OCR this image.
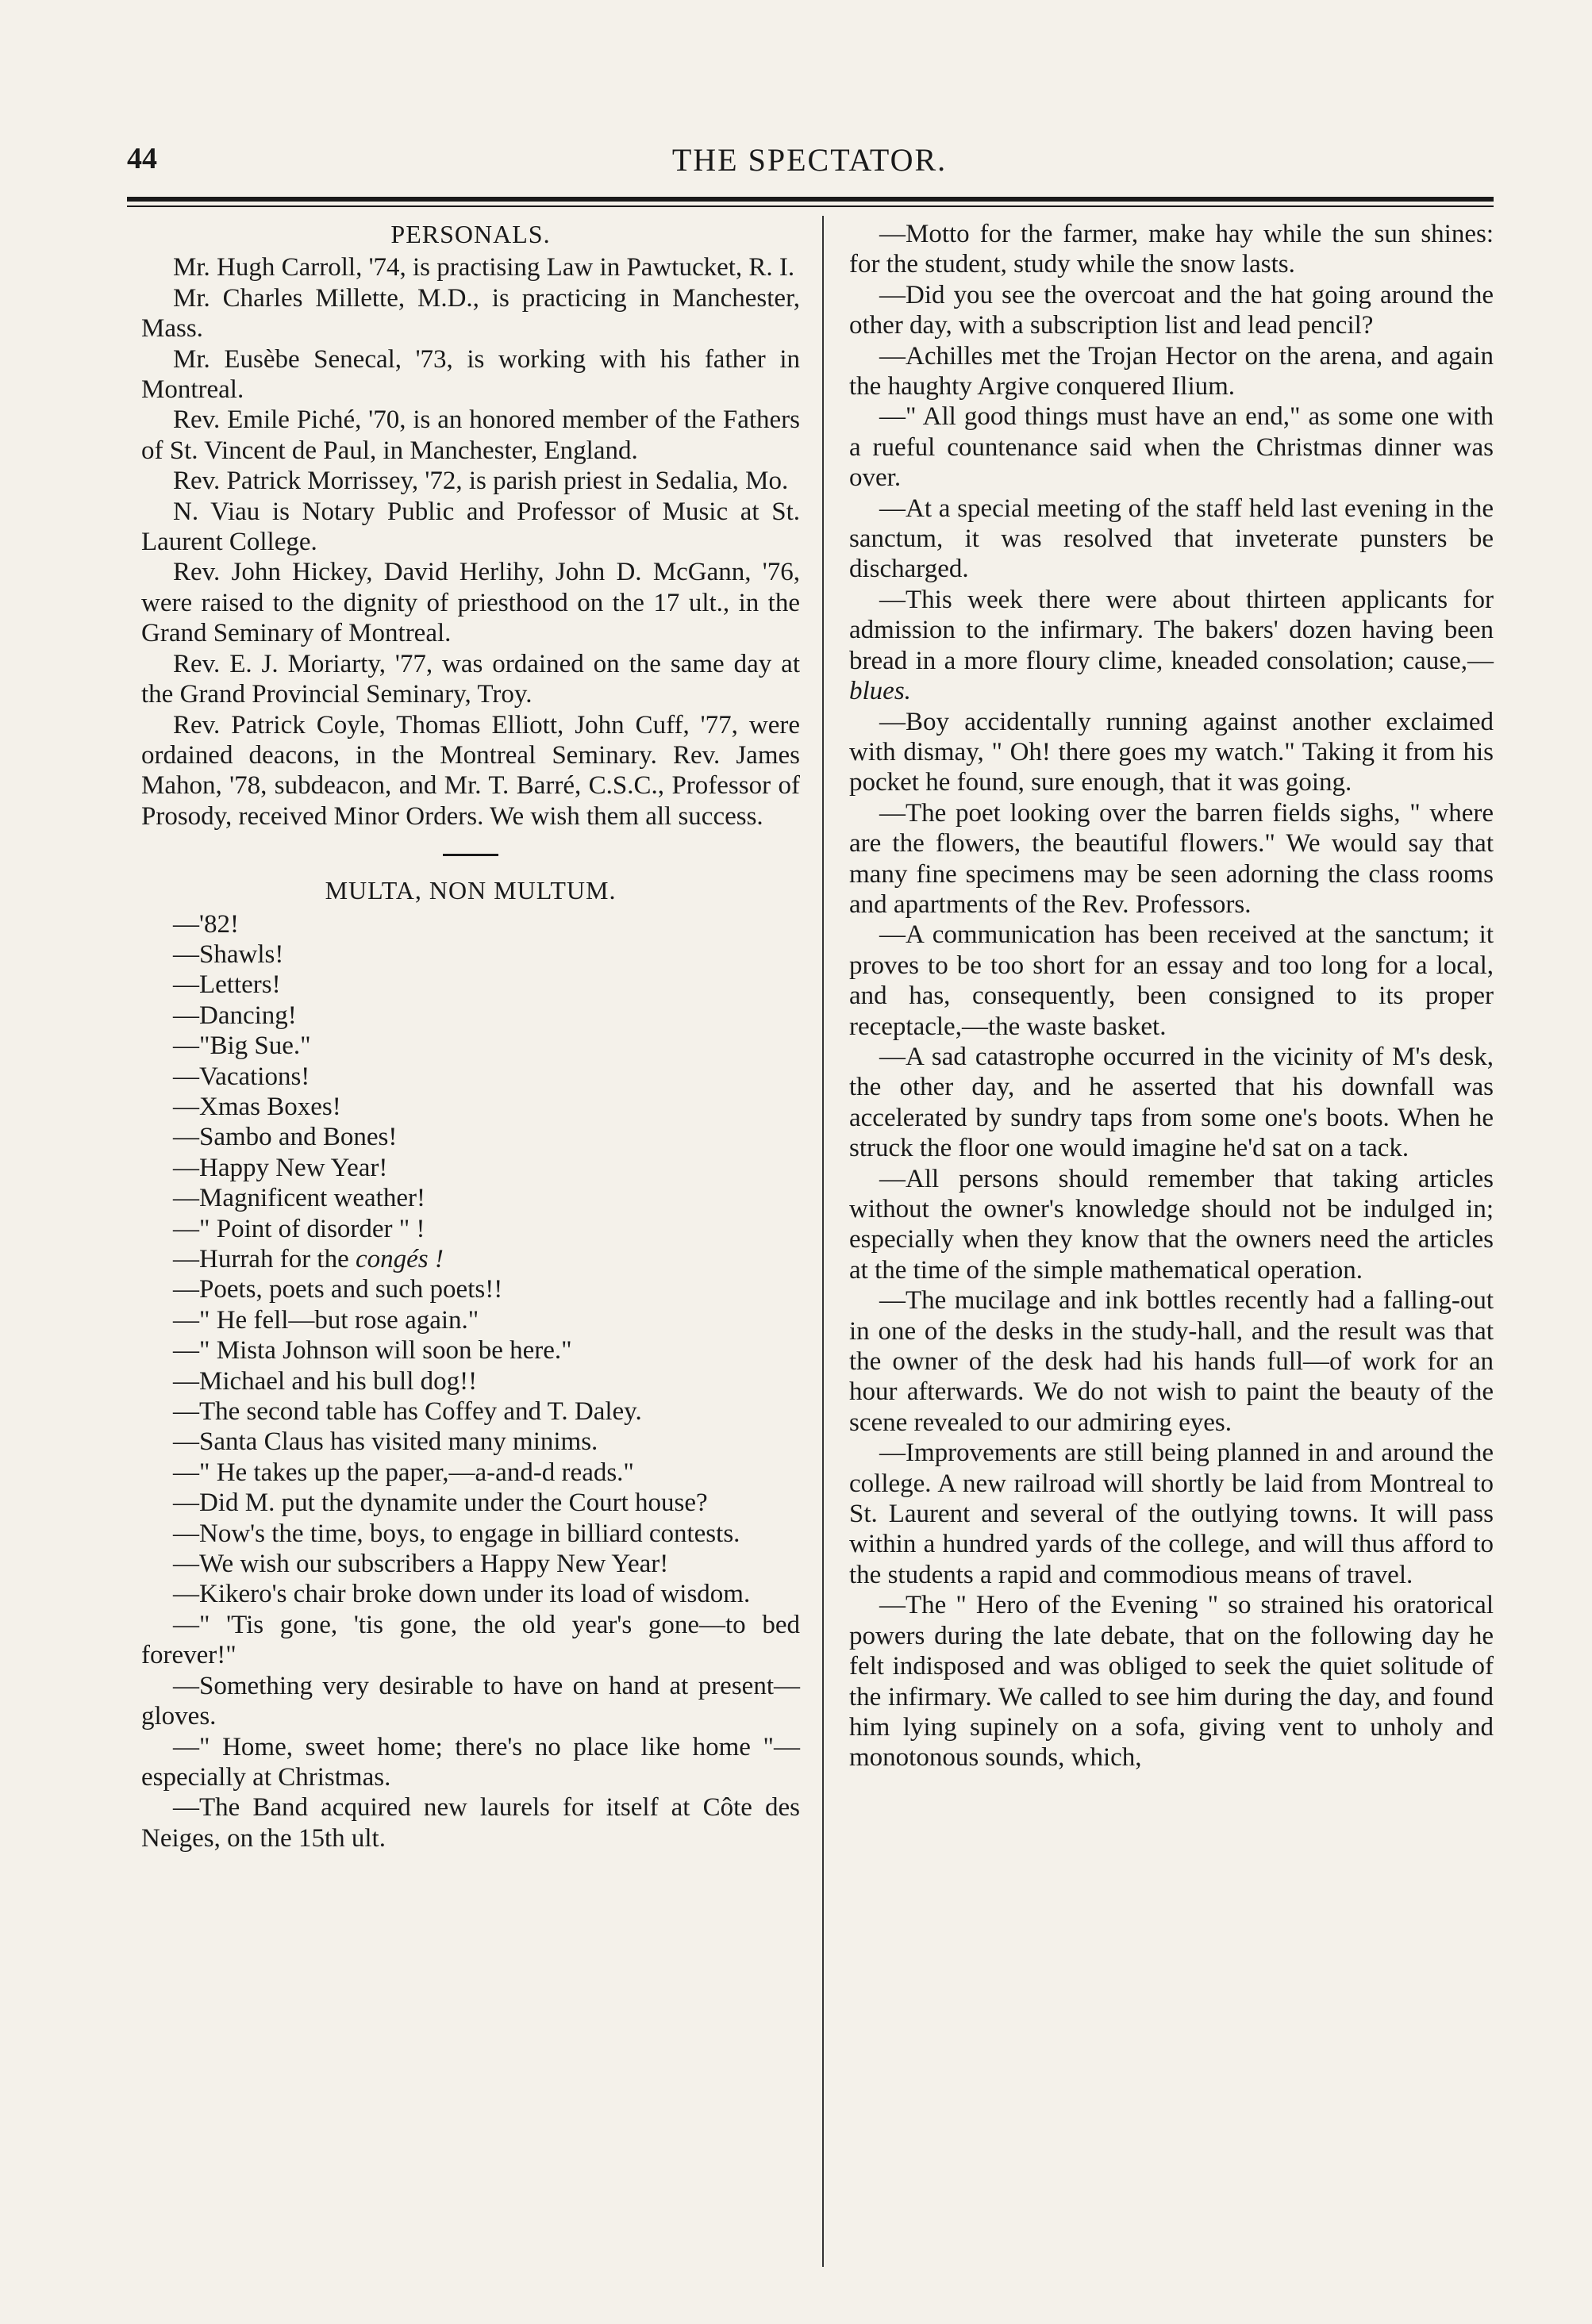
44	THE SPECTATOR.
PERSONALS.

Mr. Hugh Carroll, '74, is practising Law in Pawtucket, R. I.

Mr. Charles Millette, M.D., is practicing in Manchester, Mass.

Mr. Eusèbe Senecal, '73, is working with his father in Montreal.

Rev. Emile Piché, '70, is an honored member of the Fathers of St. Vincent de Paul, in Manchester, England.

Rev. Patrick Morrissey, '72, is parish priest in Sedalia, Mo.

N. Viau is Notary Public and Professor of Music at St. Laurent College.

Rev. John Hickey, David Herlihy, John D. McGann, '76, were raised to the dignity of priesthood on the 17 ult., in the Grand Seminary of Montreal.

Rev. E. J. Moriarty, '77, was ordained on the same day at the Grand Provincial Seminary, Troy.

Rev. Patrick Coyle, Thomas Elliott, John Cuff, '77, were ordained deacons, in the Montreal Seminary. Rev. James Mahon, '78, subdeacon, and Mr. T. Barré, C.S.C., Professor of Prosody, received Minor Orders. We wish them all success.

MULTA, NON MULTUM.

—'82!

—Shawls!

—Letters!

—Dancing!

—"Big Sue."

—Vacations!

—Xmas Boxes!

—Sambo and Bones!

—Happy New Year!

—Magnificent weather!

—" Point of disorder " !

—Hurrah for the congés !

—Poets, poets and such poets!!

—" He fell—but rose again."

—" Mista Johnson will soon be here."

—Michael and his bull dog!!

—The second table has Coffey and T. Daley.

—Santa Claus has visited many minims.

—" He takes up the paper,—a-and-d reads."

—Did M. put the dynamite under the Court house?

—Now's the time, boys, to engage in billiard contests.

—We wish our subscribers a Happy New Year!

—Kikero's chair broke down under its load of wisdom.

—" 'Tis gone, 'tis gone, the old year's gone—to bed forever!"

—Something very desirable to have on hand at present—gloves.

—" Home, sweet home; there's no place like home "—especially at Christmas.

—The Band acquired new laurels for itself at Côte des Neiges, on the 15th ult.

—Motto for the farmer, make hay while the sun shines: for the student, study while the snow lasts.

—Did you see the overcoat and the hat going around the other day, with a subscription list and lead pencil?

—Achilles met the Trojan Hector on the arena, and again the haughty Argive conquered Ilium.

—" All good things must have an end," as some one with a rueful countenance said when the Christmas dinner was over.

—At a special meeting of the staff held last evening in the sanctum, it was resolved that inveterate punsters be discharged.

—This week there were about thirteen applicants for admission to the infirmary. The bakers' dozen having been bread in a more floury clime, kneaded consolation; cause,— blues.

—Boy accidentally running against another exclaimed with dismay, " Oh! there goes my watch." Taking it from his pocket he found, sure enough, that it was going.

—The poet looking over the barren fields sighs, " where are the flowers, the beautiful flowers." We would say that many fine specimens may be seen adorning the class rooms and apartments of the Rev. Professors.

—A communication has been received at the sanctum; it proves to be too short for an essay and too long for a local, and has, consequently, been consigned to its proper receptacle,—the waste basket.

—A sad catastrophe occurred in the vicinity of M's desk, the other day, and he asserted that his downfall was accelerated by sundry taps from some one's boots. When he struck the floor one would imagine he'd sat on a tack.

—All persons should remember that taking articles without the owner's knowledge should not be indulged in; especially when they know that the owners need the articles at the time of the simple mathematical operation.

—The mucilage and ink bottles recently had a falling-out in one of the desks in the study-hall, and the result was that the owner of the desk had his hands full—of work for an hour afterwards. We do not wish to paint the beauty of the scene revealed to our admiring eyes.

—Improvements are still being planned in and around the college. A new railroad will shortly be laid from Montreal to St. Laurent and several of the outlying towns. It will pass within a hundred yards of the college, and will thus afford to the students a rapid and commodious means of travel.

—The " Hero of the Evening " so strained his oratorical powers during the late debate, that on the following day he felt indisposed and was obliged to seek the quiet solitude of the infirmary. We called to see him during the day, and found him lying supinely on a sofa, giving vent to unholy and monotonous sounds, which,
